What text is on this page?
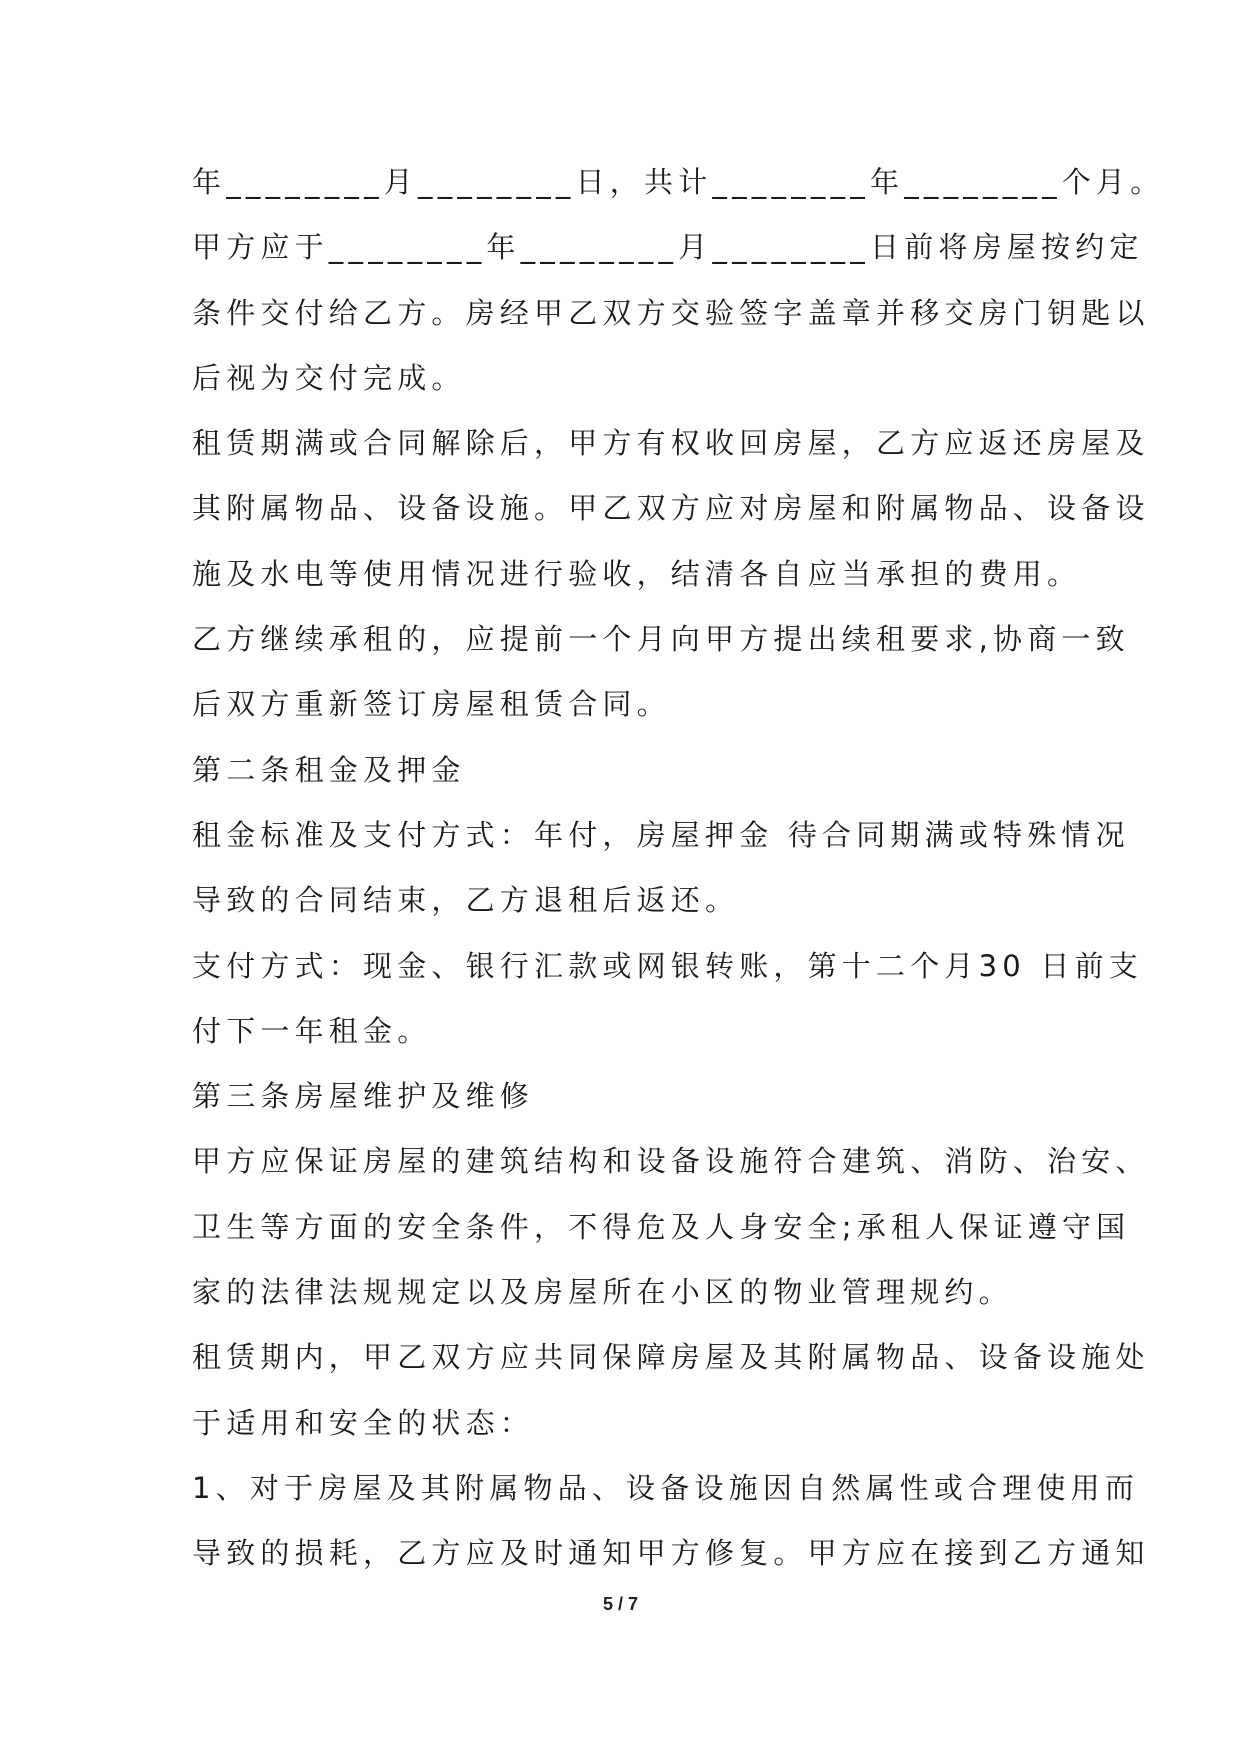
年________月________日，共计________年________个月。
甲方应于________年________月________日前将房屋按约定
条件交付给乙方。房经甲乙双方交验签字盖章并移交房门钥匙以
后视为交付完成。
租赁期满或合同解除后，甲方有权收回房屋，乙方应返还房屋及
其附属物品、设备设施。甲乙双方应对房屋和附属物品、设备设
施及水电等使用情况进行验收，结清各自应当承担的费用。
乙方继续承租的，应提前一个月向甲方提出续租要求,协商一致
后双方重新签订房屋租赁合同。
第二条租金及押金
租金标准及支付方式：年付，房屋押金 待合同期满或特殊情况
导致的合同结束，乙方退租后返还。
支付方式：现金、银行汇款或网银转账，第十二个月30 日前支
付下一年租金。
第三条房屋维护及维修
甲方应保证房屋的建筑结构和设备设施符合建筑、消防、治安、
卫生等方面的安全条件，不得危及人身安全;承租人保证遵守国
家的法律法规规定以及房屋所在小区的物业管理规约。
租赁期内，甲乙双方应共同保障房屋及其附属物品、设备设施处
于适用和安全的状态：
1、对于房屋及其附属物品、设备设施因自然属性或合理使用而
导致的损耗，乙方应及时通知甲方修复。甲方应在接到乙方通知
5 / 7
